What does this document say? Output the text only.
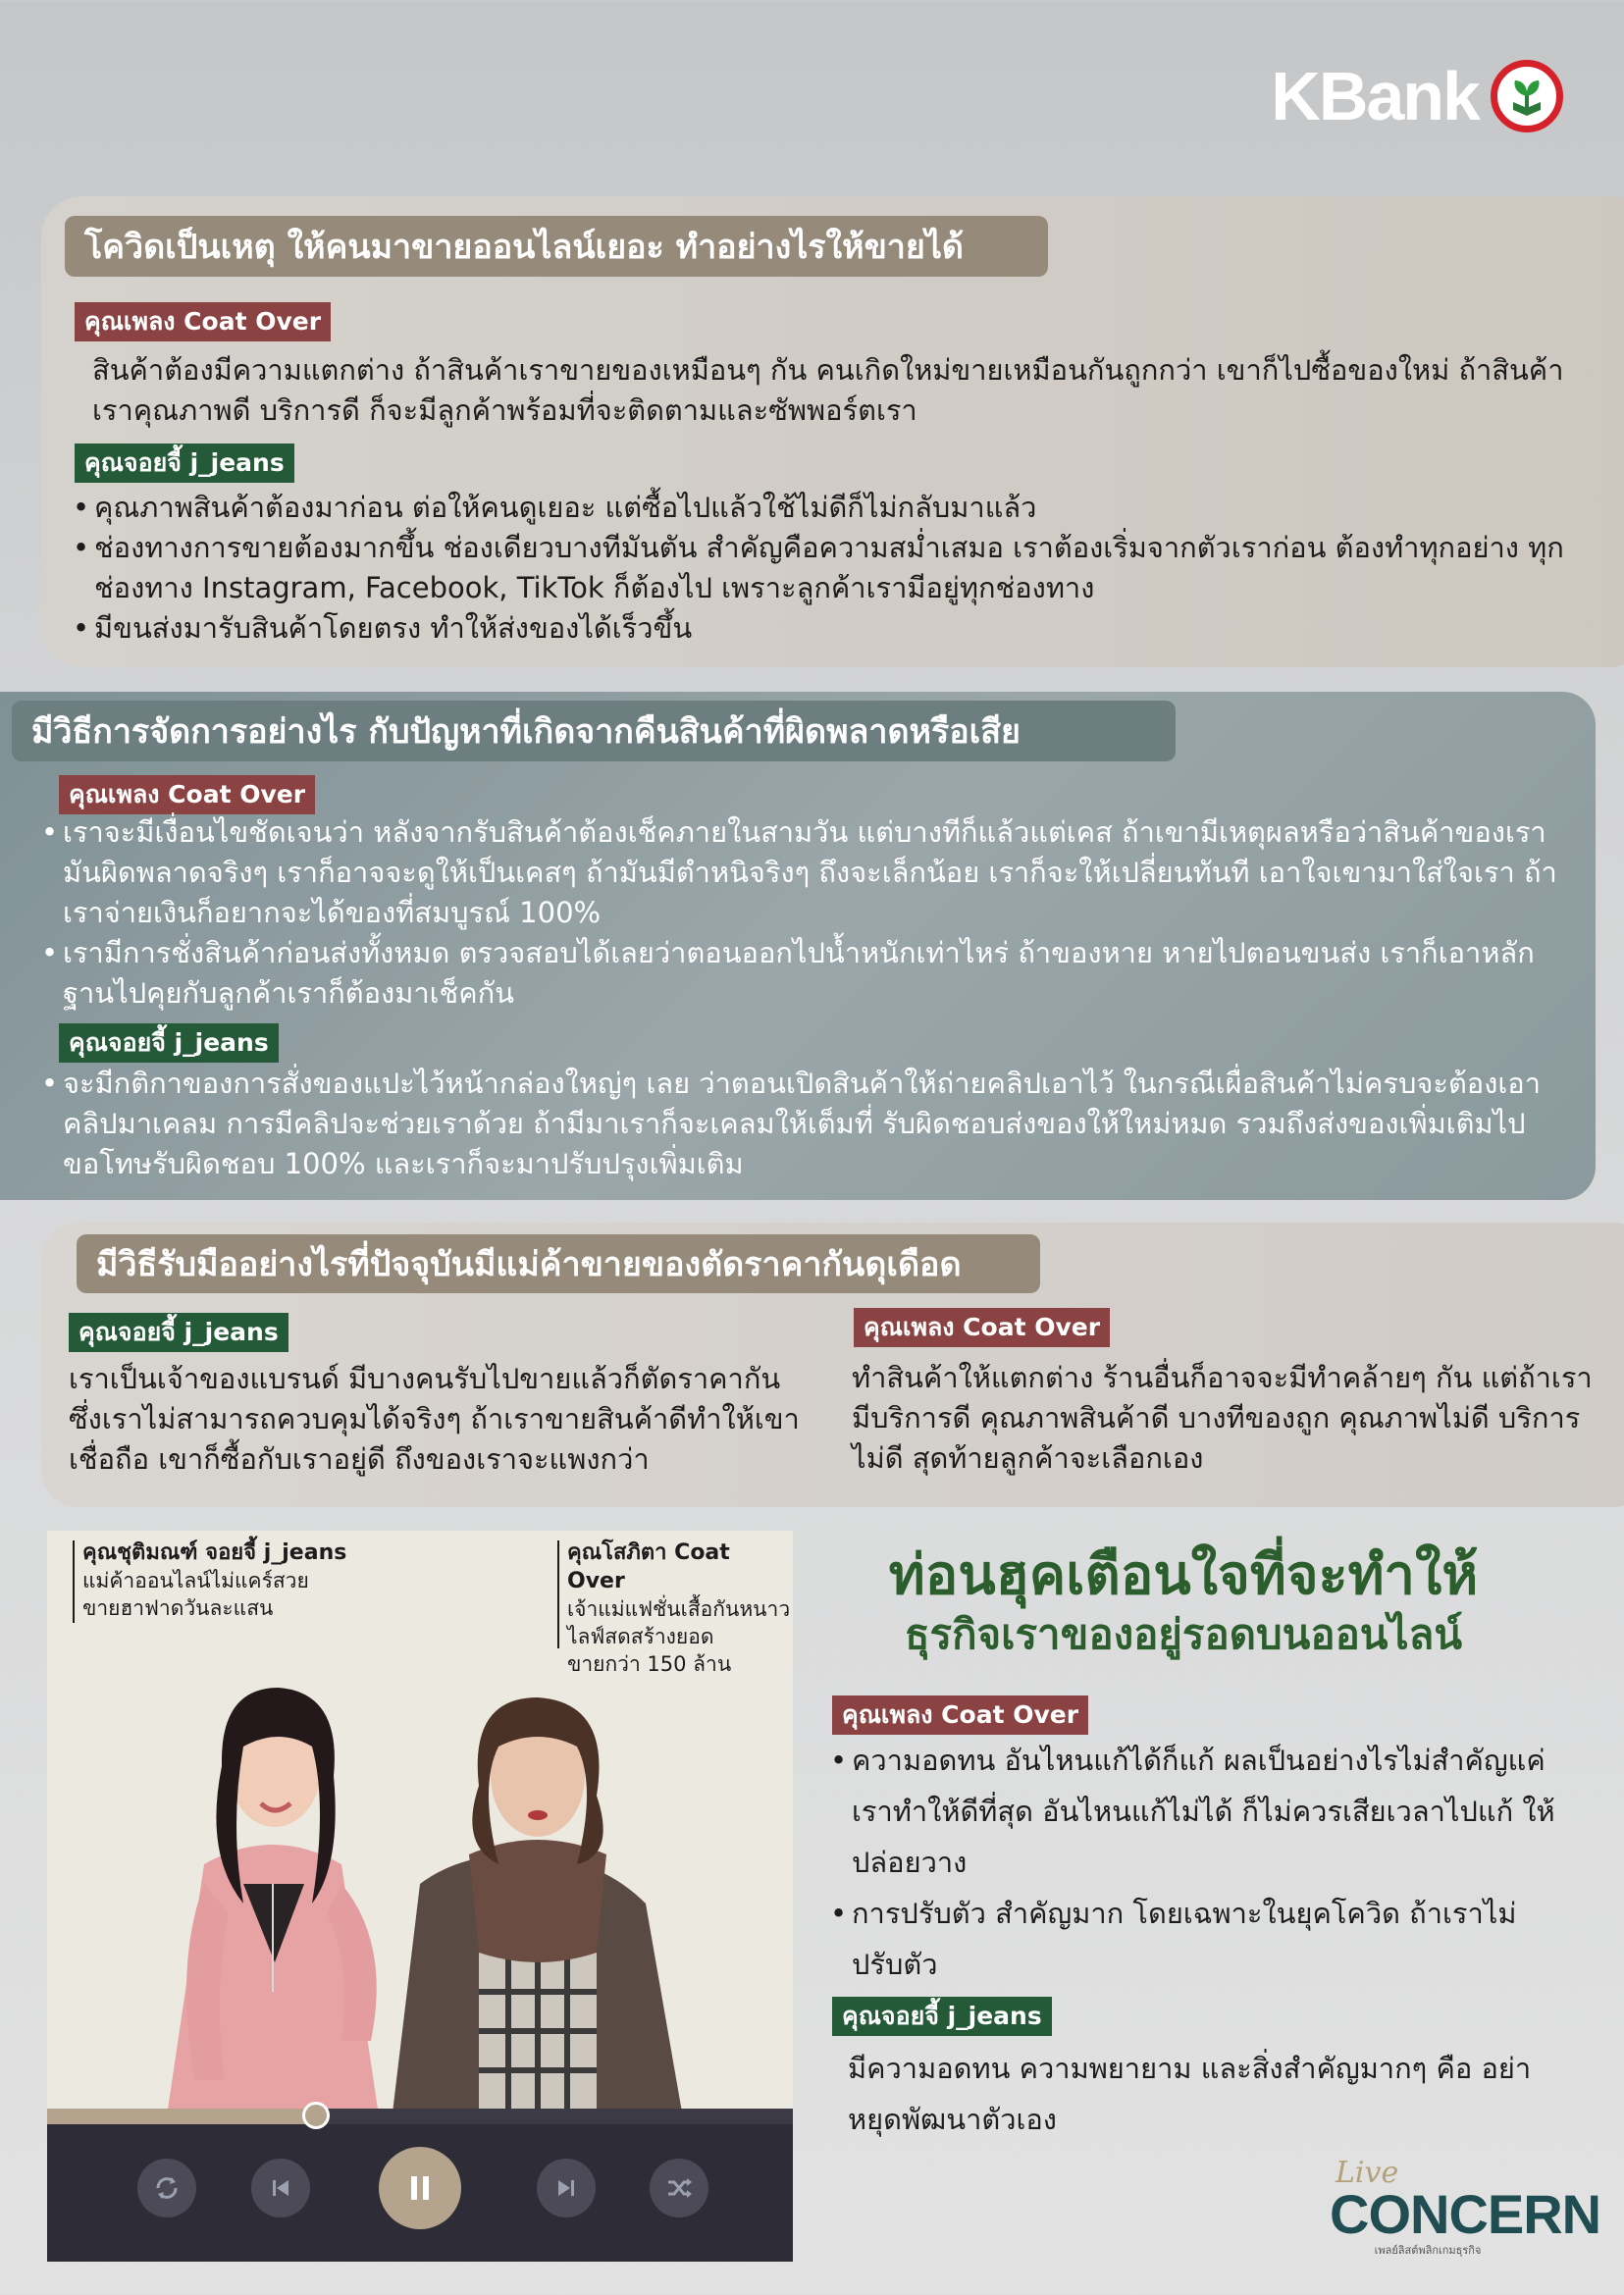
KBank
โควิดเป็นเหตุ ให้คนมาขายออนไลน์เยอะ ทำอย่างไรให้ขายได้
คุณเพลง Coat Over

สินค้าต้องมีความแตกต่าง ถ้าสินค้าเราขายของเหมือนๆ กัน คนเกิดใหม่ขายเหมือนกันถูกกว่า เขาก็ไปซื้อของใหม่ ถ้าสินค้าเราคุณภาพดี บริการดี ก็จะมีลูกค้าพร้อมที่จะติดตามและซัพพอร์ตเรา

คุณจอยจี้ j_jeans
• คุณภาพสินค้าต้องมาก่อน ต่อให้คนดูเยอะ แต่ซื้อไปแล้วใช้ไม่ดีก็ไม่กลับมาแล้ว
• ช่องทางการขายต้องมากขึ้น ช่องเดียวบางทีมันตัน สำคัญคือความสม่ำเสมอ เราต้องเริ่มจากตัวเราก่อน ต้องทำทุกอย่าง ทุกช่องทาง Instagram, Facebook, TikTok ก็ต้องไป เพราะลูกค้าเรามีอยู่ทุกช่องทาง
• มีขนส่งมารับสินค้าโดยตรง ทำให้ส่งของได้เร็วขึ้น
มีวิธีการจัดการอย่างไร กับปัญหาที่เกิดจากคืนสินค้าที่ผิดพลาดหรือเสีย
คุณเพลง Coat Over
• เราจะมีเงื่อนไขชัดเจนว่า หลังจากรับสินค้าต้องเช็คภายในสามวัน แต่บางทีก็แล้วแต่เคส ถ้าเขามีเหตุผลหรือว่าสินค้าของเรามันผิดพลาดจริงๆ เราก็อาจจะดูให้เป็นเคสๆ ถ้ามันมีตำหนิจริงๆ ถึงจะเล็กน้อย เราก็จะให้เปลี่ยนทันที เอาใจเขามาใส่ใจเรา ถ้าเราจ่ายเงินก็อยากจะได้ของที่สมบูรณ์ 100%
• เรามีการชั่งสินค้าก่อนส่งทั้งหมด ตรวจสอบได้เลยว่าตอนออกไปน้ำหนักเท่าไหร่ ถ้าของหาย หายไปตอนขนส่ง เราก็เอาหลักฐานไปคุยกับลูกค้าเราก็ต้องมาเช็คกัน
คุณจอยจี้ j_jeans
• จะมีกติกาของการสั่งของแปะไว้หน้ากล่องใหญ่ๆ เลย ว่าตอนเปิดสินค้าให้ถ่ายคลิปเอาไว้ ในกรณีเผื่อสินค้าไม่ครบจะต้องเอาคลิปมาเคลม การมีคลิปจะช่วยเราด้วย ถ้ามีมาเราก็จะเคลมให้เต็มที่ รับผิดชอบส่งของให้ใหม่หมด รวมถึงส่งของเพิ่มเติมไปขอโทษรับผิดชอบ 100% และเราก็จะมาปรับปรุงเพิ่มเติม
มีวิธีรับมืออย่างไรที่ปัจจุบันมีแม่ค้าขายของตัดราคากันดุเดือด
คุณจอยจี้ j_jeans

เราเป็นเจ้าของแบรนด์ มีบางคนรับไปขายแล้วก็ตัดราคากัน ซึ่งเราไม่สามารถควบคุมได้จริงๆ ถ้าเราขายสินค้าดีทำให้เขาเชื่อถือ เขาก็ซื้อกับเราอยู่ดี ถึงของเราจะแพงกว่า

คุณเพลง Coat Over

ทำสินค้าให้แตกต่าง ร้านอื่นก็อาจจะมีทำคล้ายๆ กัน แต่ถ้าเรามีบริการดี คุณภาพสินค้าดี บางทีของถูก คุณภาพไม่ดี บริการไม่ดี สุดท้ายลูกค้าจะเลือกเอง

คุณชุติมณฑ์ จอยจี้ j_jeans
แม่ค้าออนไลน์ไม่แคร์สวย
ขายฮาฟาดวันละแสน
คุณโสภิตา Coat Over
เจ้าแม่แฟชั่นเสื้อกันหนาว
ไลฟ์สดสร้างยอด
ขายกว่า 150 ล้าน
ท่อนฮุคเตือนใจที่จะทำให้
ธุรกิจเราของอยู่รอดบนออนไลน์
คุณเพลง Coat Over
• ความอดทน อันไหนแก้ได้ก็แก้ ผลเป็นอย่างไรไม่สำคัญแค่เราทำให้ดีที่สุด อันไหนแก้ไม่ได้ ก็ไม่ควรเสียเวลาไปแก้ ให้ปล่อยวาง
• การปรับตัว สำคัญมาก โดยเฉพาะในยุคโควิด ถ้าเราไม่ปรับตัว
คุณจอยจี้ j_jeans

มีความอดทน ความพยายาม และสิ่งสำคัญมากๆ คือ อย่าหยุดพัฒนาตัวเอง

Live
CONCERN
เพลย์ลิสต์พลิกเกมธุรกิจ
